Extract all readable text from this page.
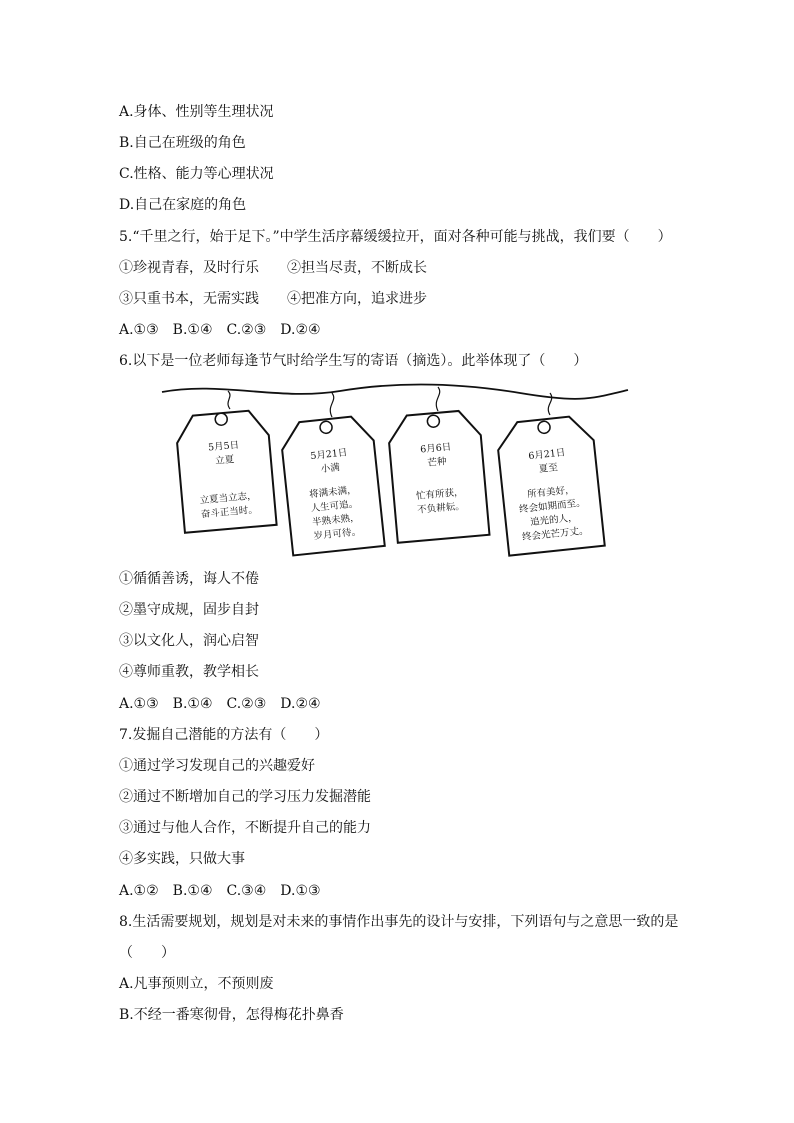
A.身体、性别等生理状况
B.自己在班级的角色
C.性格、能力等心理状况
D.自己在家庭的角色
5.“千里之行，始于足下。”中学生活序幕缓缓拉开，面对各种可能与挑战，我们要（　　）
①珍视青春，及时行乐　　②担当尽责，不断成长
③只重书本，无需实践　　④把准方向，追求进步
A.①③　B.①④　C.②③　D.②④
6.以下是一位老师每逢节气时给学生写的寄语（摘选）。此举体现了（　　）
5月5日
立夏
立夏当立志，
奋斗正当时。
5月21日
小满
将满未满，
人生可追。
半熟未熟，
岁月可待。
6月6日
芒种
忙有所获，
不负耕耘。
6月21日
夏至
所有美好，
终会如期而至。
追光的人，
终会光芒万丈。
①循循善诱，诲人不倦
②墨守成规，固步自封
③以文化人，润心启智
④尊师重教，教学相长
A.①③　B.①④　C.②③　D.②④
7.发掘自己潜能的方法有（　　）
①通过学习发现自己的兴趣爱好
②通过不断增加自己的学习压力发掘潜能
③通过与他人合作，不断提升自己的能力
④多实践，只做大事
A.①②　B.①④　C.③④　D.①③
8.生活需要规划，规划是对未来的事情作出事先的设计与安排，下列语句与之意思一致的是
（　　）
A.凡事预则立，不预则废
B.不经一番寒彻骨，怎得梅花扑鼻香
